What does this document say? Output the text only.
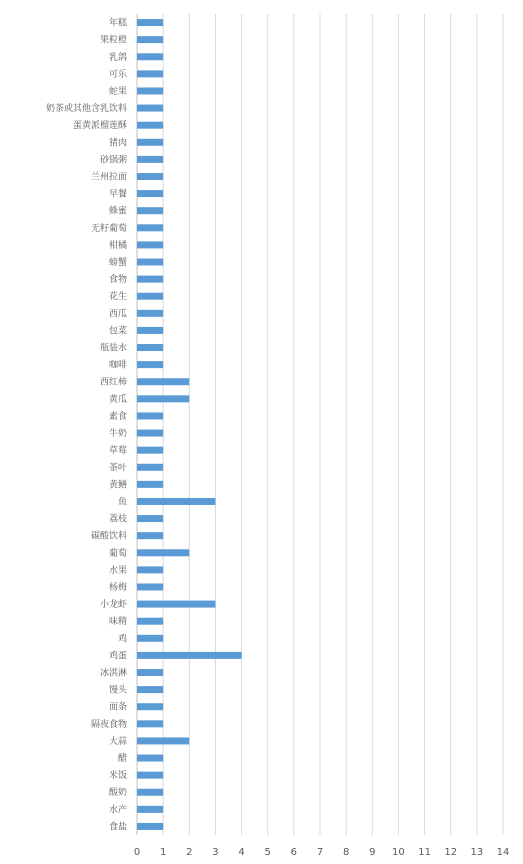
年糕
果粒橙
乳鸽
可乐
蛇果
奶茶或其他含乳饮料
蛋黄派榴莲酥
猪肉
砂锅粥
兰州拉面
早餐
蜂蜜
无籽葡萄
柑橘
螃蟹
食物
花生
西瓜
包菜
瓶装水
咖啡
西红柿
黄瓜
素食
牛奶
草莓
茶叶
黄鳝
鱼
荔枝
碳酸饮料
葡萄
水果
杨梅
小龙虾
味精
鸡
鸡蛋
冰淇淋
馒头
面条
隔夜食物
大蒜
醋
米饭
酸奶
水产
食盐
0 1 2 3 4 5 6 7 8 9 10 11 12 13 14
